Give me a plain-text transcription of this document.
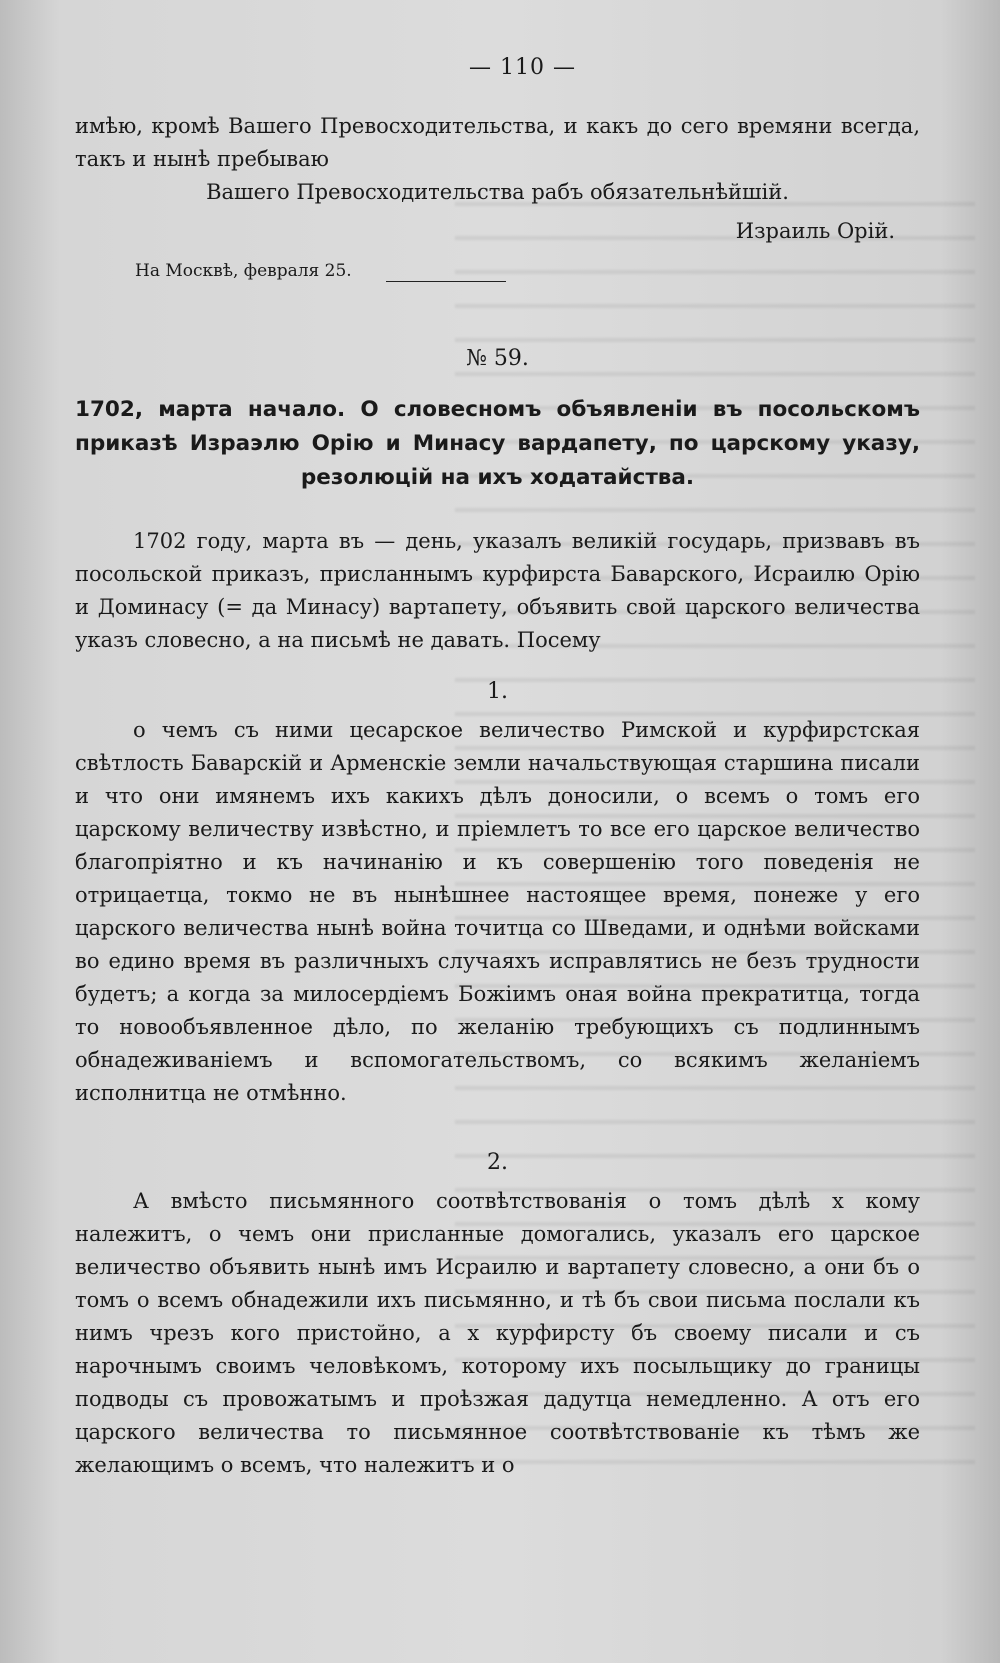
— 110 —

имѣю, кромѣ Вашего Превосходительства, и какъ до сего времяни всегда, такъ и нынѣ пребываю

Вашего Превосходительства рабъ обязательнѣйшій.

Израиль Орій.

На Москвѣ, февраля 25.
№ 59.

1702, марта начало. О словесномъ объявленіи въ посольскомъ приказѣ Израэлю Орію и Минасу вардапету, по царскому указу, резолюцій на ихъ ходатайства.

1702 году, марта въ — день, указалъ великій государь, призвавъ въ посольской приказъ, присланнымъ курфирста Баварского, Исраилю Орію и Доминасу (= да Минасу) вартапету, объявить свой царского величества указъ словесно, а на письмѣ не давать. Посему

1.

о чемъ съ ними цесарское величество Римской и курфирстская свѣтлость Баварскій и Арменскіе земли начальствующая старшина писали и что они имянемъ ихъ какихъ дѣлъ доносили, о всемъ о томъ его царскому величеству извѣстно, и пріемлетъ то все его царское величество благопріятно и къ начинанію и къ совершенію того поведенія не отрицаетца, токмо не въ нынѣшнее настоящее время, понеже у его царского величества нынѣ война точитца со Шведами, и однѣми войсками во едино время въ различныхъ случаяхъ исправлятись не безъ трудности будетъ; а когда за милосердіемъ Божіимъ оная война прекратитца, тогда то новообъявленное дѣло, по желанію требующихъ съ подлиннымъ обнадеживаніемъ и вспомогательствомъ, со всякимъ желаніемъ исполнитца не отмѣнно.

2.

А вмѣсто письмянного соотвѣтствованія о томъ дѣлѣ х кому належитъ, о чемъ они присланные домогались, указалъ его царское величество объявить нынѣ имъ Исраилю и вартапету словесно, а они бъ о томъ о всемъ обнадежили ихъ письмянно, и тѣ бъ свои письма послали къ нимъ чрезъ кого пристойно, а х курфирсту бъ своему писали и съ нарочнымъ своимъ человѣкомъ, которому ихъ посыльщику до границы подводы съ провожатымъ и проѣзжая дадутца немедленно. А отъ его царского величества то письмянное соотвѣтствованіе къ тѣмъ же желающимъ о всемъ, что належитъ и о
